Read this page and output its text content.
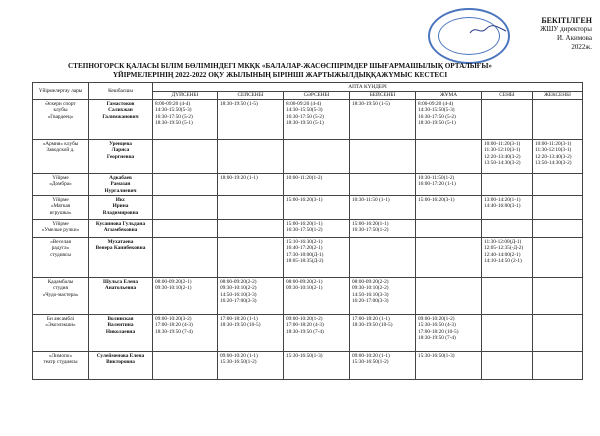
БЕКІТІЛГЕН
ЖШУ директоры
И. Акимова
2022ж.
СТЕПНОГОРСК ҚАЛАСЫ БІЛІМ БӨЛІМІНДЕГІ МКҚК «БАЛАЛАР-ЖАСӨСПІРІМДЕР ШЫҒАРМАШЫЛЫҚ ОРТАЛЫҒЫ»
ҮЙІРМЕЛЕРІНІҢ 2022-2022 ОҚУ ЖЫЛЫНЫҢ БІРІНШІ ЖАРТЫЖЫЛДЫҚҚАЖҮМЫС КЕСТЕСІ
Үйірмелертау лары	Кешбасшы	АПТА КҮНДЕРІ						
		ДҮЙСЕНБІ	СЕЙСЕНБІ	СӘРСЕНБІ	БЕЙСЕНБІ	ЖҰМА	СЕНБІ	ЖЕКСЕНБІ

Әскери спорт
клубы
«Гвардеец»	Гамастоков
Салихжан
Галимжанович	8:00-09:20 (4-4)
14:30-15:50(5-3)
16:30-17:50 (5-2)
18:30-19:50 (5-1)	18:30-19:50 (1-5)	8:00-09:20 (4-4)
14:30-15:50(5-3)
16:30-17:50 (5-2)
18:30-19:50 (5-1)	18:30-19:50 (1-5)	8:00-09:20 (4-4)
14:30-15:50(5-3)
16:30-17:50 (5-2)
18:30-19:50 (5-1)		

«Армия» клубы
Заводской д.	Уренцева
Лариса
Георгиевна						10:00-11:20(3-1)
11:30-12:10(3-1)
12:20-13:40(3-2)
13:50-14:30(3-2)	10:00-11:20(3-1)
11:30-12:10(3-1)
12:20-13:40(3-2)
13:50-14:30(3-2)

Үйірме
«Домбра»	Адкабаев
Рамазан
Нургалиевич		18:00-19:20 (1-1)	10:00-11:20(1-2)		10:30-11:50(1-2)
16:00-17:20 (1-1)		

Үйірме
«Мягкая
игрушка»	Икс
Ирина
Владимировна			15:00-16:20(3-1)	10:30-11:50 (1-1)	15:00-16:20(3-1)	13:00-14:20(1-1)
14:40-16:00(3-1)	

Үйірме
«Умелые ручки»	Кусаинова Гульдана
Агзамбековна			15:00-16:20(1-1)
16:30-17:50(1-2)	15:00-16:20(1-1)
16:30-17:50(1-2)			

«Веселая
радуга»
студиясы	Мухатаева
Венера Канибековна			15:10-16:30(2-1)
16:40-17:20(2-1)
17:30-18:00(Д-1)
18:05-18:35(Д-2)			11:30-12:00(Д-1)
12:05-12:35(-Д-2)
12:40-14:00(2-1)
14:10-14:50 (2-1)	

Қадамбалы
студия
«Чудо-мастера»	Шульга Елена
Анатольевна	08:00-09:20(2-1)
09:30-10:10(2-1)	08:00-09:20(2-2)
09:30-10:10(2-2)
14:50-16:10(3-3)
16:20-17:00(3-3)	08:00-09:20(2-1)
09:30-10:10(2-1)	08:00-09:20(2-2)
09:30-10:10(2-2)
14:50-16:10(3-3)
16:20-17:00(3-3)			

Би ансамблі
«Экоэлэкши»	Волинская
Валентина
Николаевна	09:00-10:20(3-2)
17:00-18:20 (4-3)
18:30-19:50 (7-4)	17:00-18:20 (1-1)
18:30-19:50 (10-5)	09:00-10:20(1-2)
17:00-18:20 (4-3)
18:30-19:50 (7-4)	17:00-18:20 (1-1)
18:30-19:50 (10-5)	09:00-10:20(1-2)
15:30-16:50 (4-3)
17:00-18:20 (10-5)
18:30-19:50 (7-4)		

«Лимопо»
театр студиясы	Сулейменова Елена
Викторовна		09:00-10:20 (1-1)
15:30-16:50(1-2)	15:30-16:50(1-3)	09:00-10:20 (1-1)
15:30-16:50(1-2)	15:30-16:50(1-3)		
